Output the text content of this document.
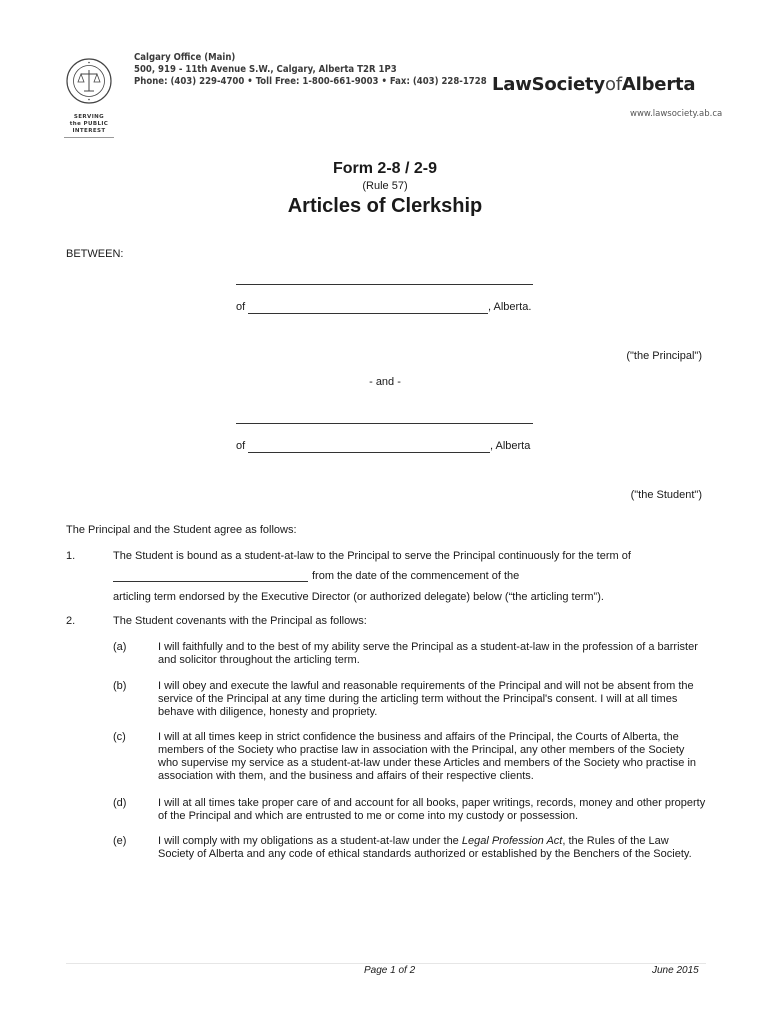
SERVING
the PUBLIC
INTEREST
Calgary Office (Main)
500, 919 - 11th Avenue S.W., Calgary, Alberta T2R 1P3
Phone: (403) 229-4700 • Toll Free: 1-800-661-9003 • Fax: (403) 228-1728 LawSocietyofAlberta
www.lawsociety.ab.ca
Form 2-8 / 2-9
(Rule 57)
Articles of Clerkship
BETWEEN:
of	, Alberta.
("the Principal")
- and -
of	, Alberta
("the Student")
The Principal and the Student agree as follows:
1.	The Student is bound as a student-at-law to the Principal to serve the Principal continuously for the term of
from the date of the commencement of the
articling term endorsed by the Executive Director (or authorized delegate) below (“the articling term”).
2.	The Student covenants with the Principal as follows:
(a)	I will faithfully and to the best of my ability serve the Principal as a student-at-law in the profession of a barrister and solicitor throughout the articling term.
(b)	I will obey and execute the lawful and reasonable requirements of the Principal and will not be absent from the service of the Principal at any time during the articling term without the Principal's consent. I will at all times behave with diligence, honesty and propriety.
(c)	I will at all times keep in strict confidence the business and affairs of the Principal, the Courts of Alberta, the members of the Society who practise law in association with the Principal, any other members of the Society who supervise my service as a student-at-law under these Articles and members of the Society who practise in association with them, and the business and affairs of their respective clients.
(d)	I will at all times take proper care of and account for all books, paper writings, records, money and other property of the Principal and which are entrusted to me or come into my custody or possession.
(e)	I will comply with my obligations as a student-at-law under the Legal Profession Act, the Rules of the Law Society of Alberta and any code of ethical standards authorized or established by the Benchers of the Society.
Page 1 of 2	June 2015
